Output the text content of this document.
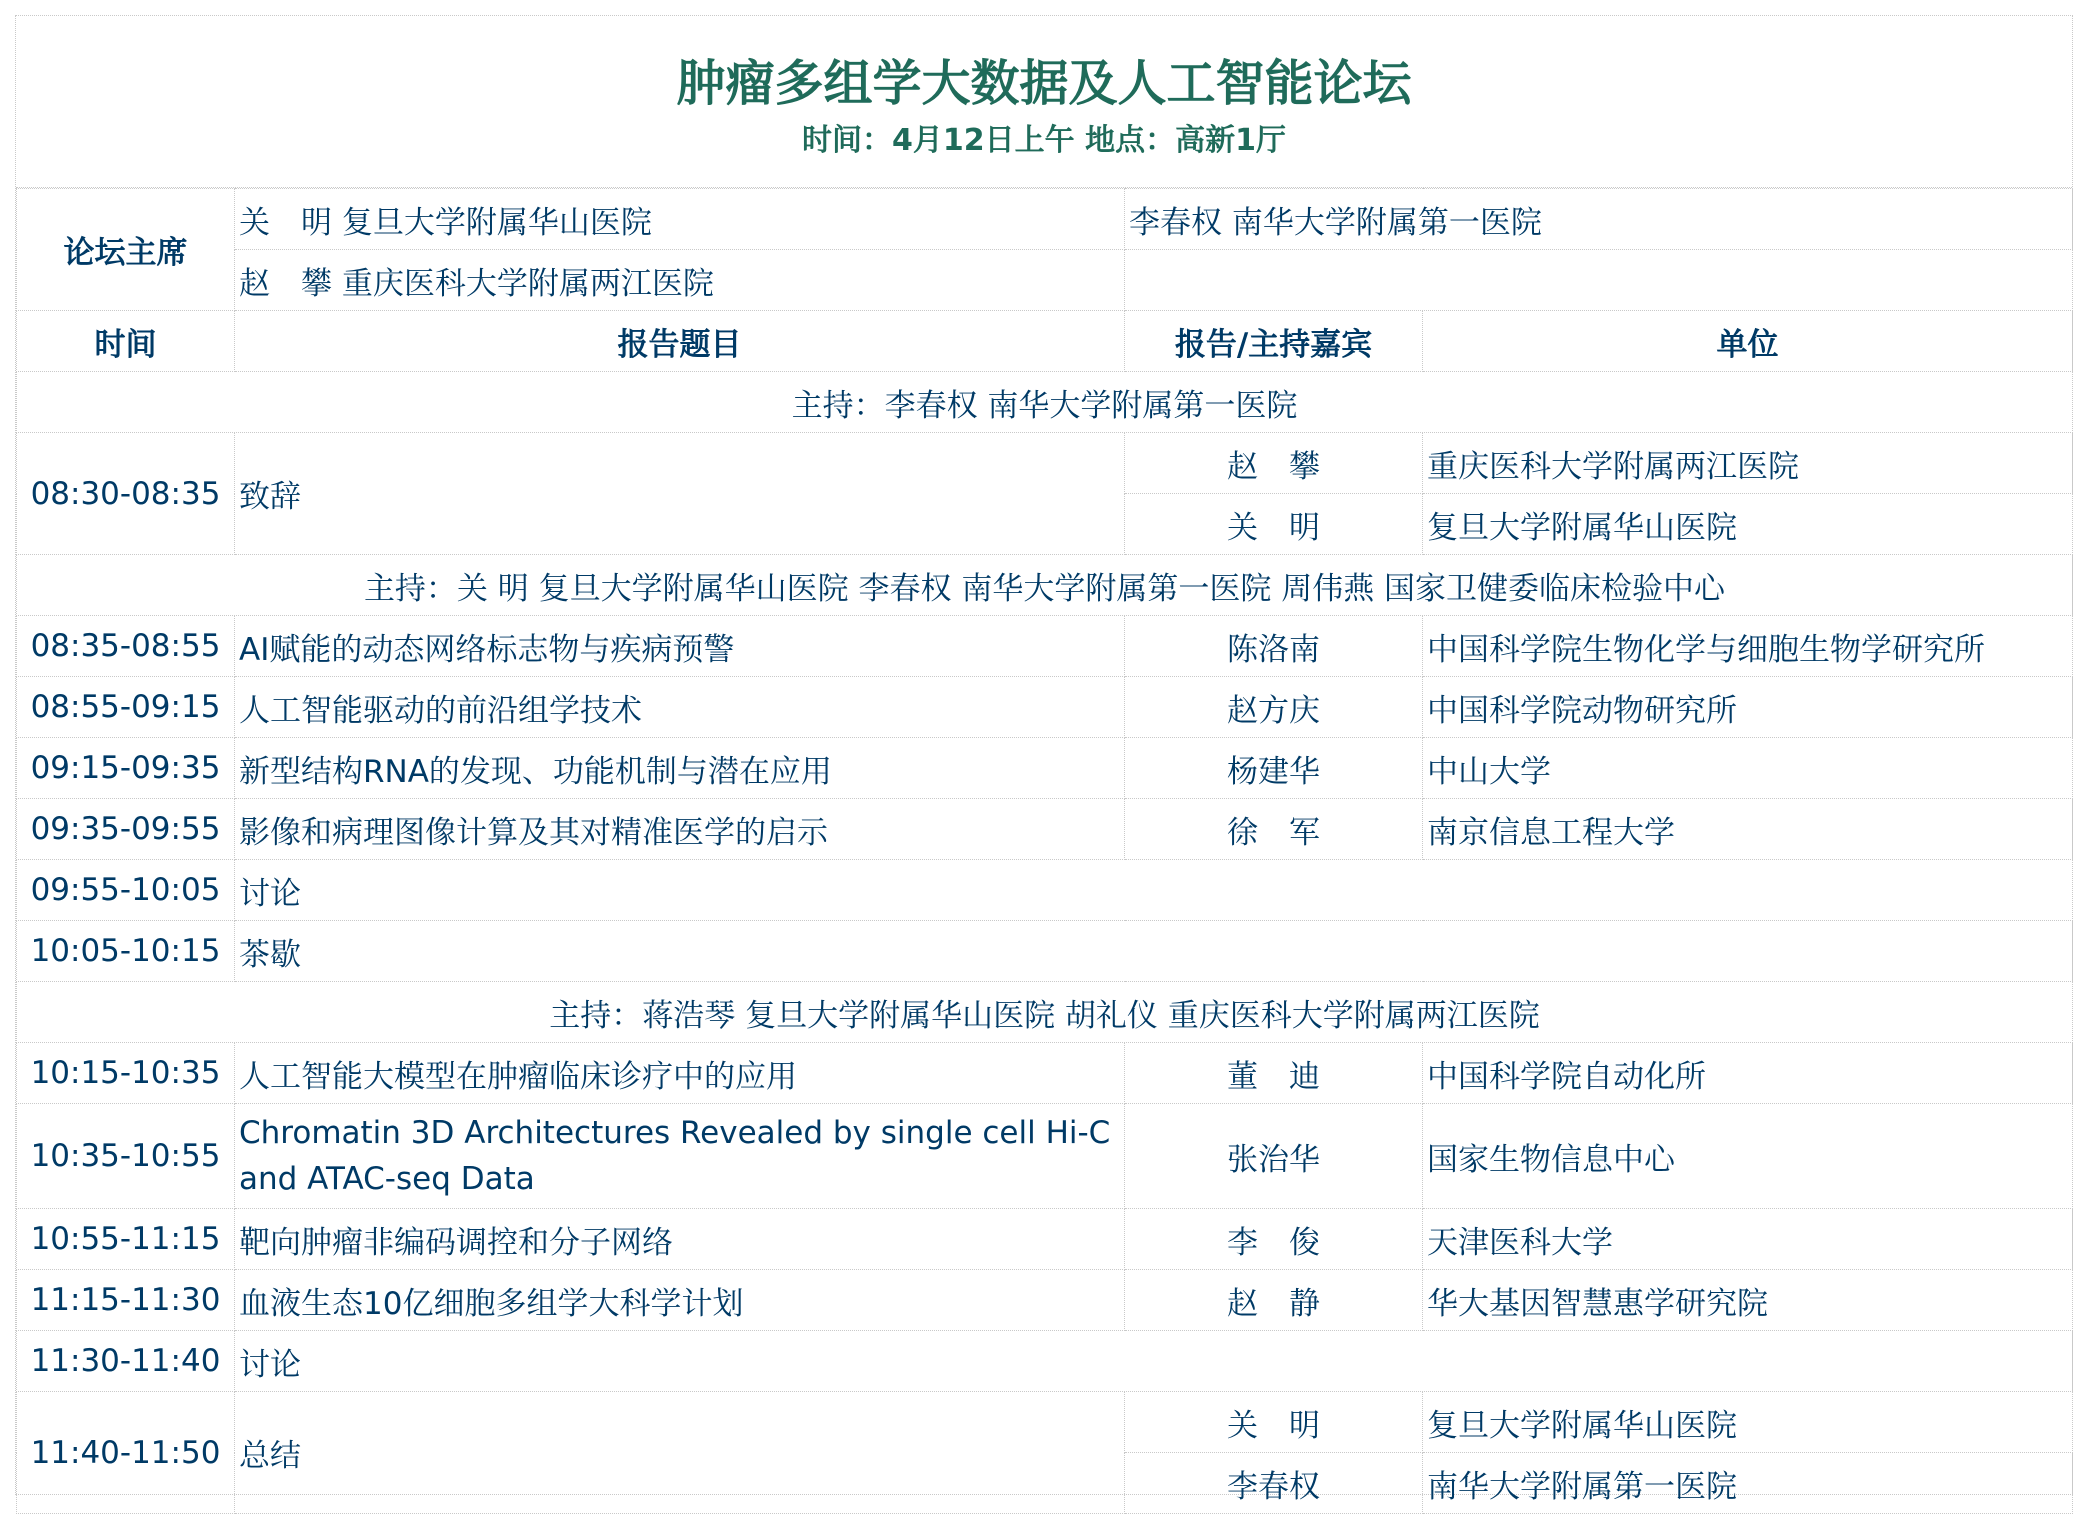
肿瘤多组学大数据及人工智能论坛
时间：4月12日上午 地点：高新1厅
论坛主席	关　明 复旦大学附属华山医院	李春权 南华大学附属第一医院	
	赵　攀 重庆医科大学附属两江医院		
时间	报告题目	报告/主持嘉宾	单位
主持：李春权 南华大学附属第一医院			
08:30-08:35	致辞	赵　攀	重庆医科大学附属两江医院
		关　明	复旦大学附属华山医院
主持：关 明 复旦大学附属华山医院 李春权 南华大学附属第一医院 周伟燕 国家卫健委临床检验中心			
08:35-08:55	AI赋能的动态网络标志物与疾病预警	陈洛南	中国科学院生物化学与细胞生物学研究所
08:55-09:15	人工智能驱动的前沿组学技术	赵方庆	中国科学院动物研究所
09:15-09:35	新型结构RNA的发现、功能机制与潜在应用	杨建华	中山大学
09:35-09:55	影像和病理图像计算及其对精准医学的启示	徐　军	南京信息工程大学
09:55-10:05	讨论		
10:05-10:15	茶歇		
主持：蒋浩琴 复旦大学附属华山医院 胡礼仪 重庆医科大学附属两江医院			
10:15-10:35	人工智能大模型在肿瘤临床诊疗中的应用	董　迪	中国科学院自动化所
10:35-10:55	Chromatin 3D Architectures Revealed by single cell Hi-C and ATAC-seq Data	张治华	国家生物信息中心
10:55-11:15	靶向肿瘤非编码调控和分子网络	李　俊	天津医科大学
11:15-11:30	血液生态10亿细胞多组学大科学计划	赵　静	华大基因智慧惠学研究院
11:30-11:40	讨论		
11:40-11:50	总结	关　明	复旦大学附属华山医院
		李春权	南华大学附属第一医院
